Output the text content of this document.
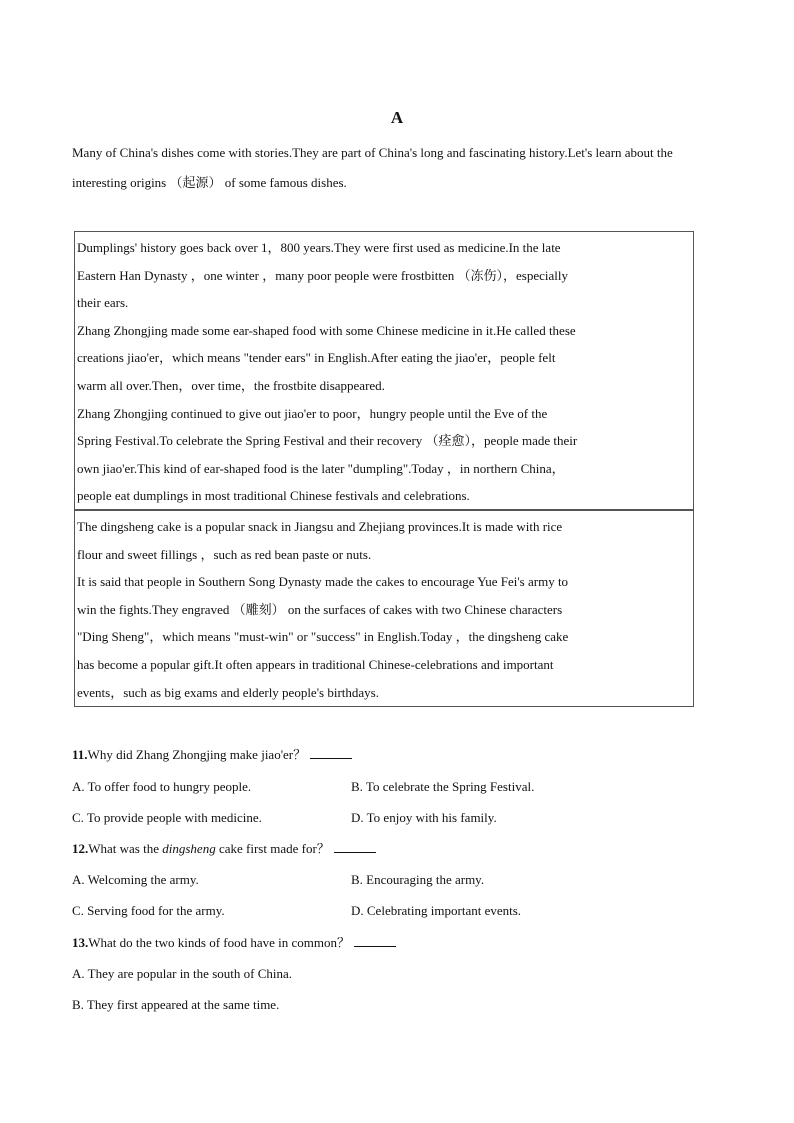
A

Many of China's dishes come with stories.They are part of China's long and fascinating history.Let's learn about the

interesting origins （起源） of some famous dishes.

Dumplings' history goes back over 1，800 years.They were first used as medicine.In the late

Eastern Han Dynasty ，one winter ，many poor people were frostbitten （冻伤），especially

their ears.

Zhang Zhongjing made some ear-shaped food with some Chinese medicine in it.He called these

creations jiao'er，which means "tender ears" in English.After eating the jiao'er，people felt

warm all over.Then，over time，the frostbite disappeared.

Zhang Zhongjing continued to give out jiao'er to poor，hungry people until the Eve of the

Spring Festival.To celebrate the Spring Festival and their recovery （痊愈），people made their

own jiao'er.This kind of ear-shaped food is the later "dumpling".Today ，in northern China，

people eat dumplings in most traditional Chinese festivals and celebrations.

The dingsheng cake is a popular snack in Jiangsu and Zhejiang provinces.It is made with rice

flour and sweet fillings ，such as red bean paste or nuts.

It is said that people in Southern Song Dynasty made the cakes to encourage Yue Fei's army to

win the fights.They engraved （雕刻） on the surfaces of cakes with two Chinese characters

"Ding Sheng"，which means "must-win" or "success" in English.Today ，the dingsheng cake

has become a popular gift.It often appears in traditional Chinese-celebrations and important

events，such as big exams and elderly people's birthdays.

11.Why did Zhang Zhongjing make jiao'er？
A. To offer food to hungry people.	B. To celebrate the Spring Festival.
C. To provide people with medicine.	D. To enjoy with his family.
12.What was the dingsheng cake first made for？
A. Welcoming the army.	B. Encouraging the army.
C. Serving food for the army.	D. Celebrating important events.
13.What do the two kinds of food have in common？
A. They are popular in the south of China.
B. They first appeared at the same time.
